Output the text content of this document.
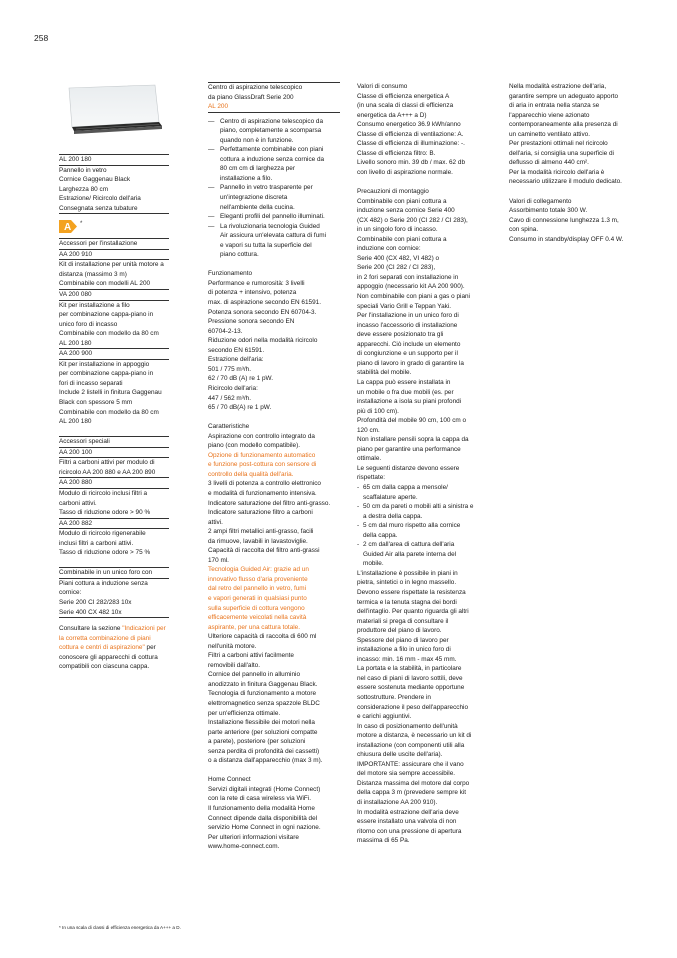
258
AL 200 180
Pannello in vetro
Cornice Gaggenau Black
Larghezza 80 cm
Estrazione/ Ricircolo dell'aria
Consegnata senza tubature
A *
Accessori per l'installazione
AA 200 910
Kit di installazione per unità motore a
distanza (massimo 3 m)
Combinabile con modelli AL 200
VA 200 080
Kit per installazione a filo
per combinazione cappa-piano in
unico foro di incasso
Combinabile con modello da 80 cm
AL 200 180
AA 200 900
Kit per installazione in appoggio
per combinazione cappa-piano in
fori di incasso separati
Include 2 listelli in finitura Gaggenau
Black con spessore 5 mm
Combinabile con modello da 80 cm
AL 200 180
Accessori speciali
AA 200 100
Filtri a carboni attivi per modulo di
ricircolo AA 200 880 e AA 200 890
AA 200 880
Modulo di ricircolo inclusi filtri a
carboni attivi.
Tasso di riduzione odore > 90 %
AA 200 882
Modulo di ricircolo rigenerabile
inclusi filtri a carboni attivi.
Tasso di riduzione odore > 75 %
Combinabile in un unico foro con
Piani cottura a induzione senza
cornice:
Serie 200 CI 282/283 10x
Serie 400 CX 482 10x
Consultare la sezione "Indicazioni per la corretta combinazione di piani cottura e centri di aspirazione" per conoscere gli apparecchi di cottura compatibili con ciascuna cappa.
Centro di aspirazione telescopico
da piano GlassDraft Serie 200
AL 200
— Centro di aspirazione telescopico da
piano, completamente a scomparsa
quando non è in funzione.
— Perfettamente combinabile con piani
cottura a induzione senza cornice da
80 cm cm di larghezza per
installazione a filo.
— Pannello in vetro trasparente per
un'integrazione discreta
nell'ambiente della cucina.
— Eleganti profili del pannello illuminati.
— La rivoluzionaria tecnologia Guided
Air assicura un'elevata cattura di fumi
e vapori su tutta la superficie del
piano cottura.
Funzionamento
Performance e rumorosità: 3 livelli
di potenza + intensivo, potenza
max. di aspirazione secondo EN 61591.
Potenza sonora secondo EN 60704-3.
Pressione sonora secondo EN
60704-2-13.
Riduzione odori nella modalità ricircolo
secondo EN 61591.
Estrazione dell'aria:
501 / 775 m³/h.
62 / 70 dB (A) re 1 pW.
Ricircolo dell'aria:
447 / 562 m³/h.
65 / 70 dB(A) re 1 pW.
Caratteristiche
Aspirazione con controllo integrato da
piano (con modello compatibile).
Opzione di funzionamento automatico
e funzione post-cottura con sensore di
controllo della qualità dell'aria.
3 livelli di potenza a controllo elettronico
e modalità di funzionamento intensiva.
Indicatore saturazione del filtro anti-grasso.
Indicatore saturazione filtro a carboni
attivi.
2 ampi filtri metallici anti-grasso, facili
da rimuove, lavabili in lavastoviglie.
Capacità di raccolta del filtro anti-grassi
170 ml.
Tecnologia Guided Air: grazie ad un
innovativo flusso d'aria proveniente
dal retro del pannello in vetro, fumi
e vapori generati in qualsiasi punto
sulla superficie di cottura vengono
efficacemente veicolati nella cavità
aspirante, per una cattura totale.
Ulteriore capacità di raccolta di 600 ml
nell'unità motore.
Filtri a carboni attivi facilmente
removibili dall'alto.
Cornice del pannello in alluminio
anodizzato in finitura Gaggenau Black.
Tecnologia di funzionamento a motore
elettromagnetico senza spazzole BLDC
per un'efficienza ottimale.
Installazione flessibile dei motori nella
parte anteriore (per soluzioni compatte
a parete), posteriore (per soluzioni
senza perdita di profondità dei cassetti)
o a distanza dall'apparecchio (max 3 m).
Home Connect
Servizi digitali integrati (Home Connect)
con la rete di casa wireless via WiFi.
Il funzionamento della modalità Home
Connect dipende dalla disponibilità del
servizio Home Connect in ogni nazione.
Per ulteriori informazioni visitare
www.home-connect.com.
Valori di consumo
Classe di efficienza energetica A
(in una scala di classi di efficienza
energetica da A+++ a D)
Consumo energetico 36.9 kWh/anno
Classe di efficienza di ventilazione: A.
Classe di efficienza di illuminazione: -.
Classe di efficienza filtro: B.
Livello sonoro min. 39 db / max. 62 db
con livello di aspirazione normale.
Precauzioni di montaggio
Combinabile con piani cottura a
induzione senza cornice Serie 400
(CX 482) o Serie 200 (CI 282 / CI 283),
in un singolo foro di incasso.
Combinabile con piani cottura a
induzione con cornice:
Serie 400 (CX 482, VI 482) o
Serie 200 (CI 282 / CI 283),
in 2 fori separati con installazione in
appoggio (necessario kit AA 200 900).
Non combinabile con piani a gas o piani
speciali Vario Grill e Teppan Yaki.
Per l'installazione in un unico foro di
incasso l'accessorio di installazione
deve essere posizionato tra gli
apparecchi. Ciò include un elemento
di congiunzione e un supporto per il
piano di lavoro in grado di garantire la
stabilità del mobile.
La cappa può essere installata in
un mobile o fra due mobili (es. per
installazione a isola su piani profondi
più di 100 cm).
Profondità del mobile 90 cm, 100 cm o
120 cm.
Non installare pensili sopra la cappa da
piano per garantire una performance
ottimale.
Le seguenti distanze devono essere
rispettate:
- 65 cm dalla cappa a mensole/
scaffalature aperte.
- 50 cm da pareti o mobili alti a sinistra e
a destra della cappa.
- 5 cm dal muro rispetto alla cornice
della cappa.
- 2 cm dall'area di cattura dell'aria
Guided Air alla parete interna del
mobile.
L'installazione è possibile in piani in
pietra, sintetici o in legno massello.
Devono essere rispettate la resistenza
termica e la tenuta stagna dei bordi
dell'intaglio. Per quanto riguarda gli altri
materiali si prega di consultare il
produttore del piano di lavoro.
Spessore del piano di lavoro per
installazione a filo in unico foro di
incasso: min. 16 mm - max 45 mm.
La portata e la stabilità, in particolare
nel caso di piani di lavoro sottili, deve
essere sostenuta mediante opportune
sottostrutture. Prendere in
considerazione il peso dell'apparecchio
e carichi aggiuntivi.
In caso di posizionamento dell'unità
motore a distanza, è necessario un kit di
installazione (con componenti utili alla
chiusura delle uscite dell'aria).
IMPORTANTE: assicurare che il vano
del motore sia sempre accessibile.
Distanza massima del motore dal corpo
della cappa 3 m (prevedere sempre kit
di installazione AA 200 910).
In modalità estrazione dell'aria deve
essere installato una valvola di non
ritorno con una pressione di apertura
massima di 65 Pa.
Nella modalità estrazione dell'aria,
garantire sempre un adeguato apporto
di aria in entrata nella stanza se
l'apparecchio viene azionato
contemporaneamente alla presenza di
un caminetto ventilato attivo.
Per prestazioni ottimali nel ricircolo
dell'aria, si consiglia una superficie di
deflusso di almeno 440 cm².
Per la modalità ricircolo dell'aria è
necessario utilizzare il modulo dedicato.
Valori di collegamento
Assorbimento totale 300 W.
Cavo di connessione lunghezza 1.3 m,
con spina.
Consumo in standby/display OFF 0.4 W.
* In una scala di classi di efficienza energetica da A+++ a D.
